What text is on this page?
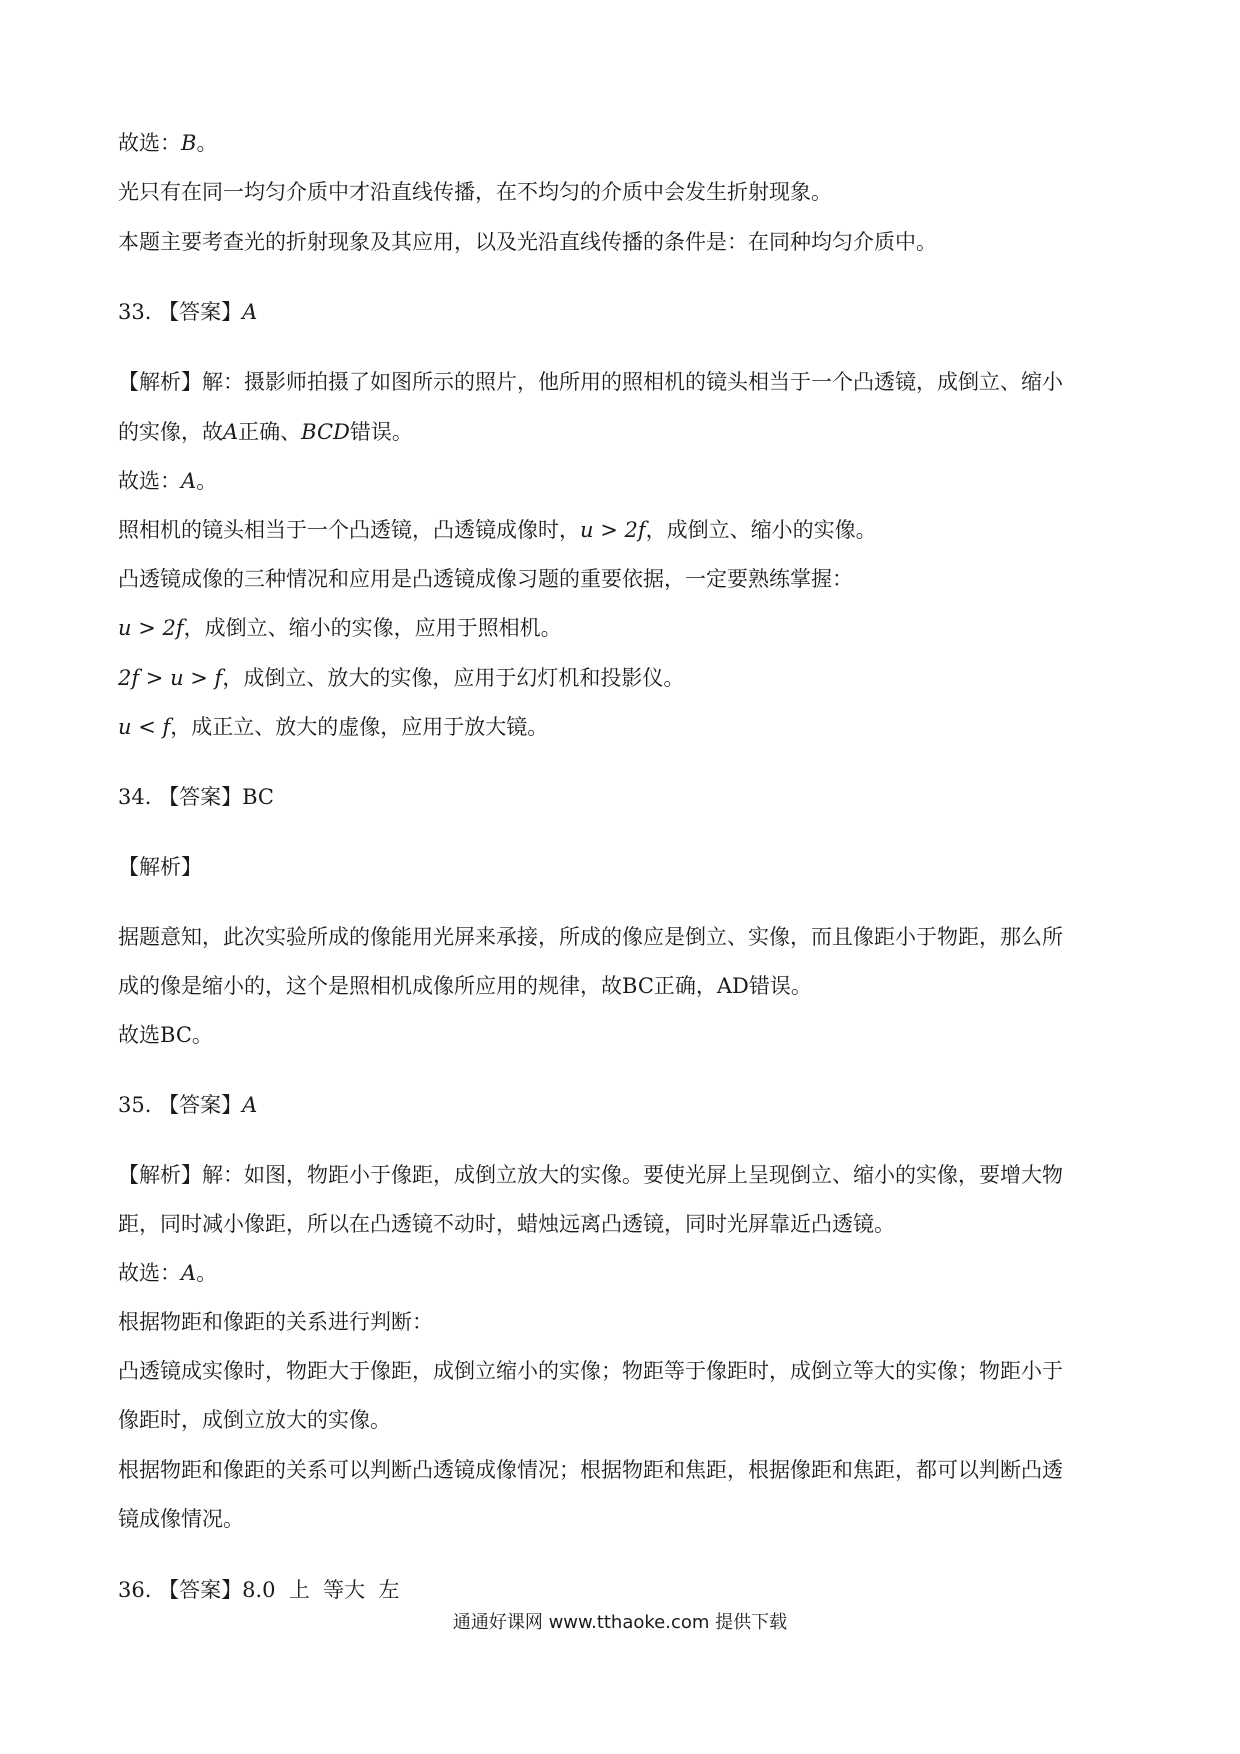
故选：B。
光只有在同一均匀介质中才沿直线传播，在不均匀的介质中会发生折射现象。
本题主要考查光的折射现象及其应用，以及光沿直线传播的条件是：在同种均匀介质中。
33. 【答案】A
【解析】解：摄影师拍摄了如图所示的照片，他所用的照相机的镜头相当于一个凸透镜，成倒立、缩小
的实像，故A正确、BCD错误。
故选：A。
照相机的镜头相当于一个凸透镜，凸透镜成像时，u > 2f，成倒立、缩小的实像。
凸透镜成像的三种情况和应用是凸透镜成像习题的重要依据，一定要熟练掌握：
u > 2f，成倒立、缩小的实像，应用于照相机。
2f > u > f，成倒立、放大的实像，应用于幻灯机和投影仪。
u < f，成正立、放大的虚像，应用于放大镜。
34. 【答案】BC
【解析】
据题意知，此次实验所成的像能用光屏来承接，所成的像应是倒立、实像，而且像距小于物距，那么所
成的像是缩小的，这个是照相机成像所应用的规律，故BC正确，AD错误。
故选BC。
35. 【答案】A
【解析】解：如图，物距小于像距，成倒立放大的实像。要使光屏上呈现倒立、缩小的实像，要增大物
距，同时减小像距，所以在凸透镜不动时，蜡烛远离凸透镜，同时光屏靠近凸透镜。
故选：A。
根据物距和像距的关系进行判断：
凸透镜成实像时，物距大于像距，成倒立缩小的实像；物距等于像距时，成倒立等大的实像；物距小于
像距时，成倒立放大的实像。
根据物距和像距的关系可以判断凸透镜成像情况；根据物距和焦距，根据像距和焦距，都可以判断凸透
镜成像情况。
36. 【答案】8.0  上  等大  左
通通好课网 www.tthaoke.com 提供下载
